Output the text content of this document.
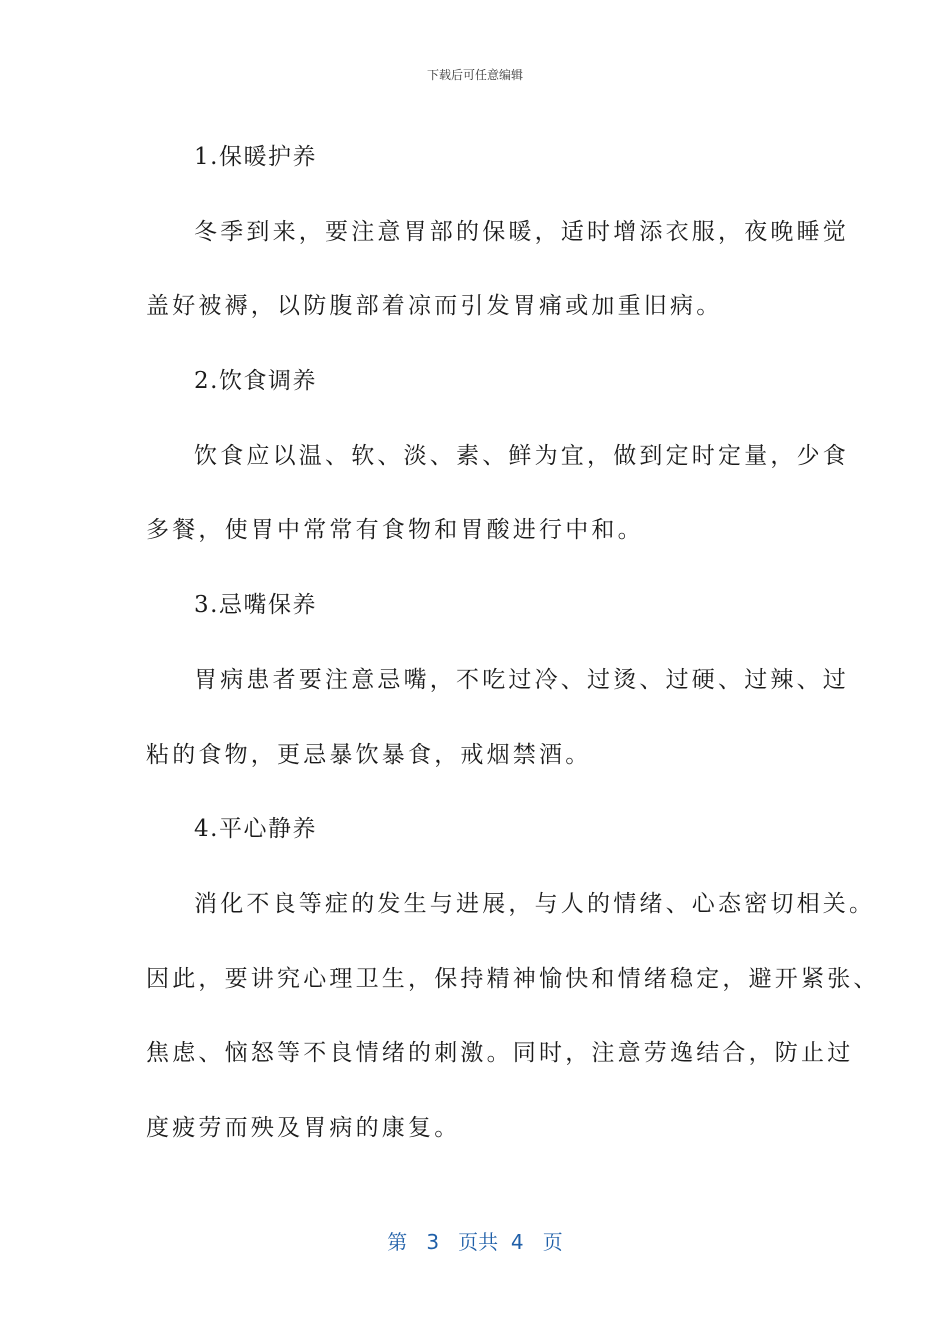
下载后可任意编辑
1.保暖护养
冬季到来，要注意胃部的保暖，适时增添衣服，夜晚睡觉
盖好被褥，以防腹部着凉而引发胃痛或加重旧病。
2.饮食调养
饮食应以温、软、淡、素、鲜为宜，做到定时定量，少食
多餐，使胃中常常有食物和胃酸进行中和。
3.忌嘴保养
胃病患者要注意忌嘴，不吃过冷、过烫、过硬、过辣、过
粘的食物，更忌暴饮暴食，戒烟禁酒。
4.平心静养
消化不良等症的发生与进展，与人的情绪、心态密切相关。
因此，要讲究心理卫生，保持精神愉快和情绪稳定，避开紧张、
焦虑、恼怒等不良情绪的刺激。同时，注意劳逸结合，防止过
度疲劳而殃及胃病的康复。
第 3 页共 4 页
